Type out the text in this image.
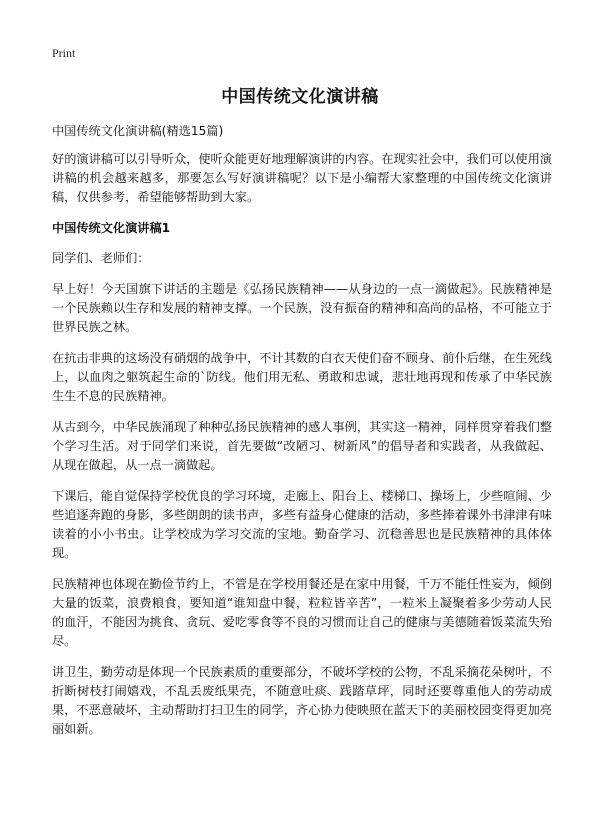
Print
中国传统文化演讲稿
中国传统文化演讲稿(精选15篇)

好的演讲稿可以引导听众，使听众能更好地理解演讲的内容。在现实社会中，我们可以使用演讲稿的机会越来越多，那要怎么写好演讲稿呢？以下是小编帮大家整理的中国传统文化演讲稿，仅供参考，希望能够帮助到大家。

中国传统文化演讲稿1
同学们、老师们：

早上好！今天国旗下讲话的主题是《弘扬民族精神——从身边的一点一滴做起》。民族精神是一个民族赖以生存和发展的精神支撑。一个民族，没有振奋的精神和高尚的品格，不可能立于世界民族之林。

在抗击非典的这场没有硝烟的战争中，不计其数的白衣天使们奋不顾身、前仆后继，在生死线上，以血肉之躯筑起生命的`防线。他们用无私、勇敢和忠诚，悲壮地再现和传承了中华民族生生不息的民族精神。

从古到今，中华民族涌现了种种弘扬民族精神的感人事例，其实这一精神，同样贯穿着我们整个学习生活。对于同学们来说，首先要做“改陋习、树新风”的倡导者和实践者，从我做起、从现在做起，从一点一滴做起。

下课后，能自觉保持学校优良的学习环境，走廊上、阳台上、楼梯口、操场上，少些喧闹、少些追逐奔跑的身影，多些朗朗的读书声，多些有益身心健康的活动，多些捧着课外书津津有味读着的小小书虫。让学校成为学习交流的宝地。勤奋学习、沉稳善思也是民族精神的具体体现。

民族精神也体现在勤俭节约上，不管是在学校用餐还是在家中用餐，千万不能任性妄为，倾倒大量的饭菜，浪费粮食，要知道“谁知盘中餐，粒粒皆辛苦”，一粒米上凝聚着多少劳动人民的血汗，不能因为挑食、贪玩、爱吃零食等不良的习惯而让自己的健康与美德随着饭菜流失殆尽。

讲卫生，勤劳动是体现一个民族素质的重要部分，不破坏学校的公物，不乱采摘花朵树叶，不折断树枝打闹嬉戏，不乱丢废纸果壳，不随意吐痰、践踏草坪，同时还要尊重他人的劳动成果，不恶意破坏，主动帮助打扫卫生的同学，齐心协力使映照在蓝天下的美丽校园变得更加亮丽如新。
